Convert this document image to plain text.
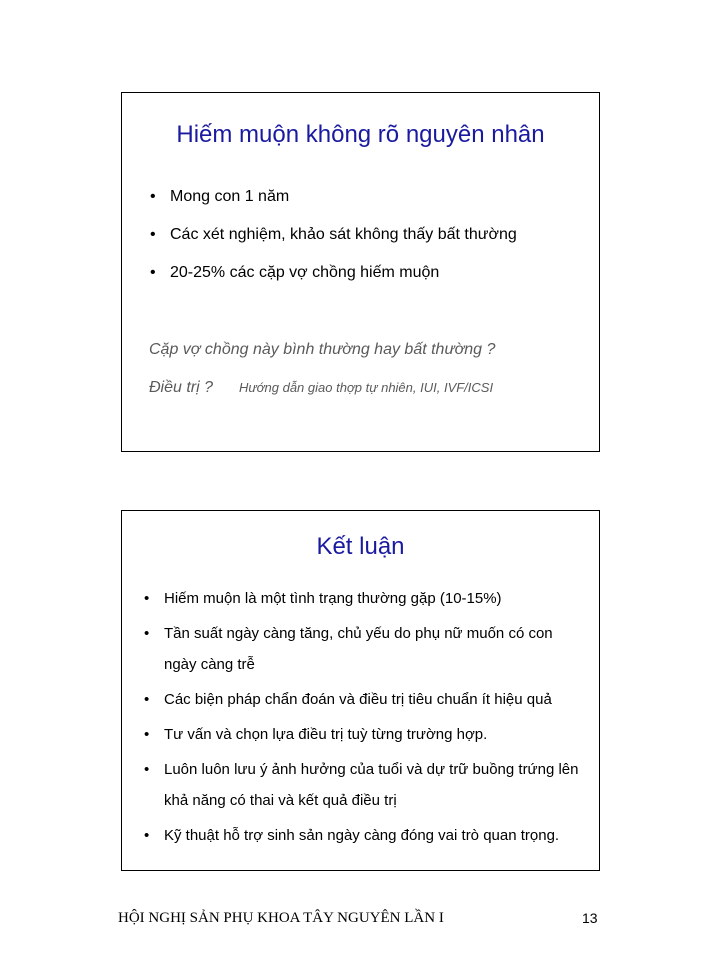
Hiếm muộn không rõ nguyên nhân
• Mong con 1 năm
• Các xét nghiệm, khảo sát không thấy bất thường
• 20-25% các cặp vợ chồng hiếm muộn

Cặp vợ chồng này bình thường hay bất thường ?

Điều trị ? Hướng dẫn giao thợp tự nhiên, IUI, IVF/ICSI

Kết luận
• Hiếm muộn là một tình trạng thường gặp (10-15%)
• Tần suất ngày càng tăng, chủ yếu do phụ nữ muốn có con ngày càng trễ
• Các biện pháp chẩn đoán và điều trị tiêu chuẩn ít hiệu quả
• Tư vấn và chọn lựa điều trị tuỳ từng trường hợp.
• Luôn luôn lưu ý ảnh hưởng của tuổi và dự trữ buồng trứng lên khả năng có thai và kết quả điều trị
• Kỹ thuật hỗ trợ sinh sản ngày càng đóng vai trò quan trọng.
HỘI NGHỊ SẢN PHỤ KHOA TÂY NGUYÊN LẦN I	13
